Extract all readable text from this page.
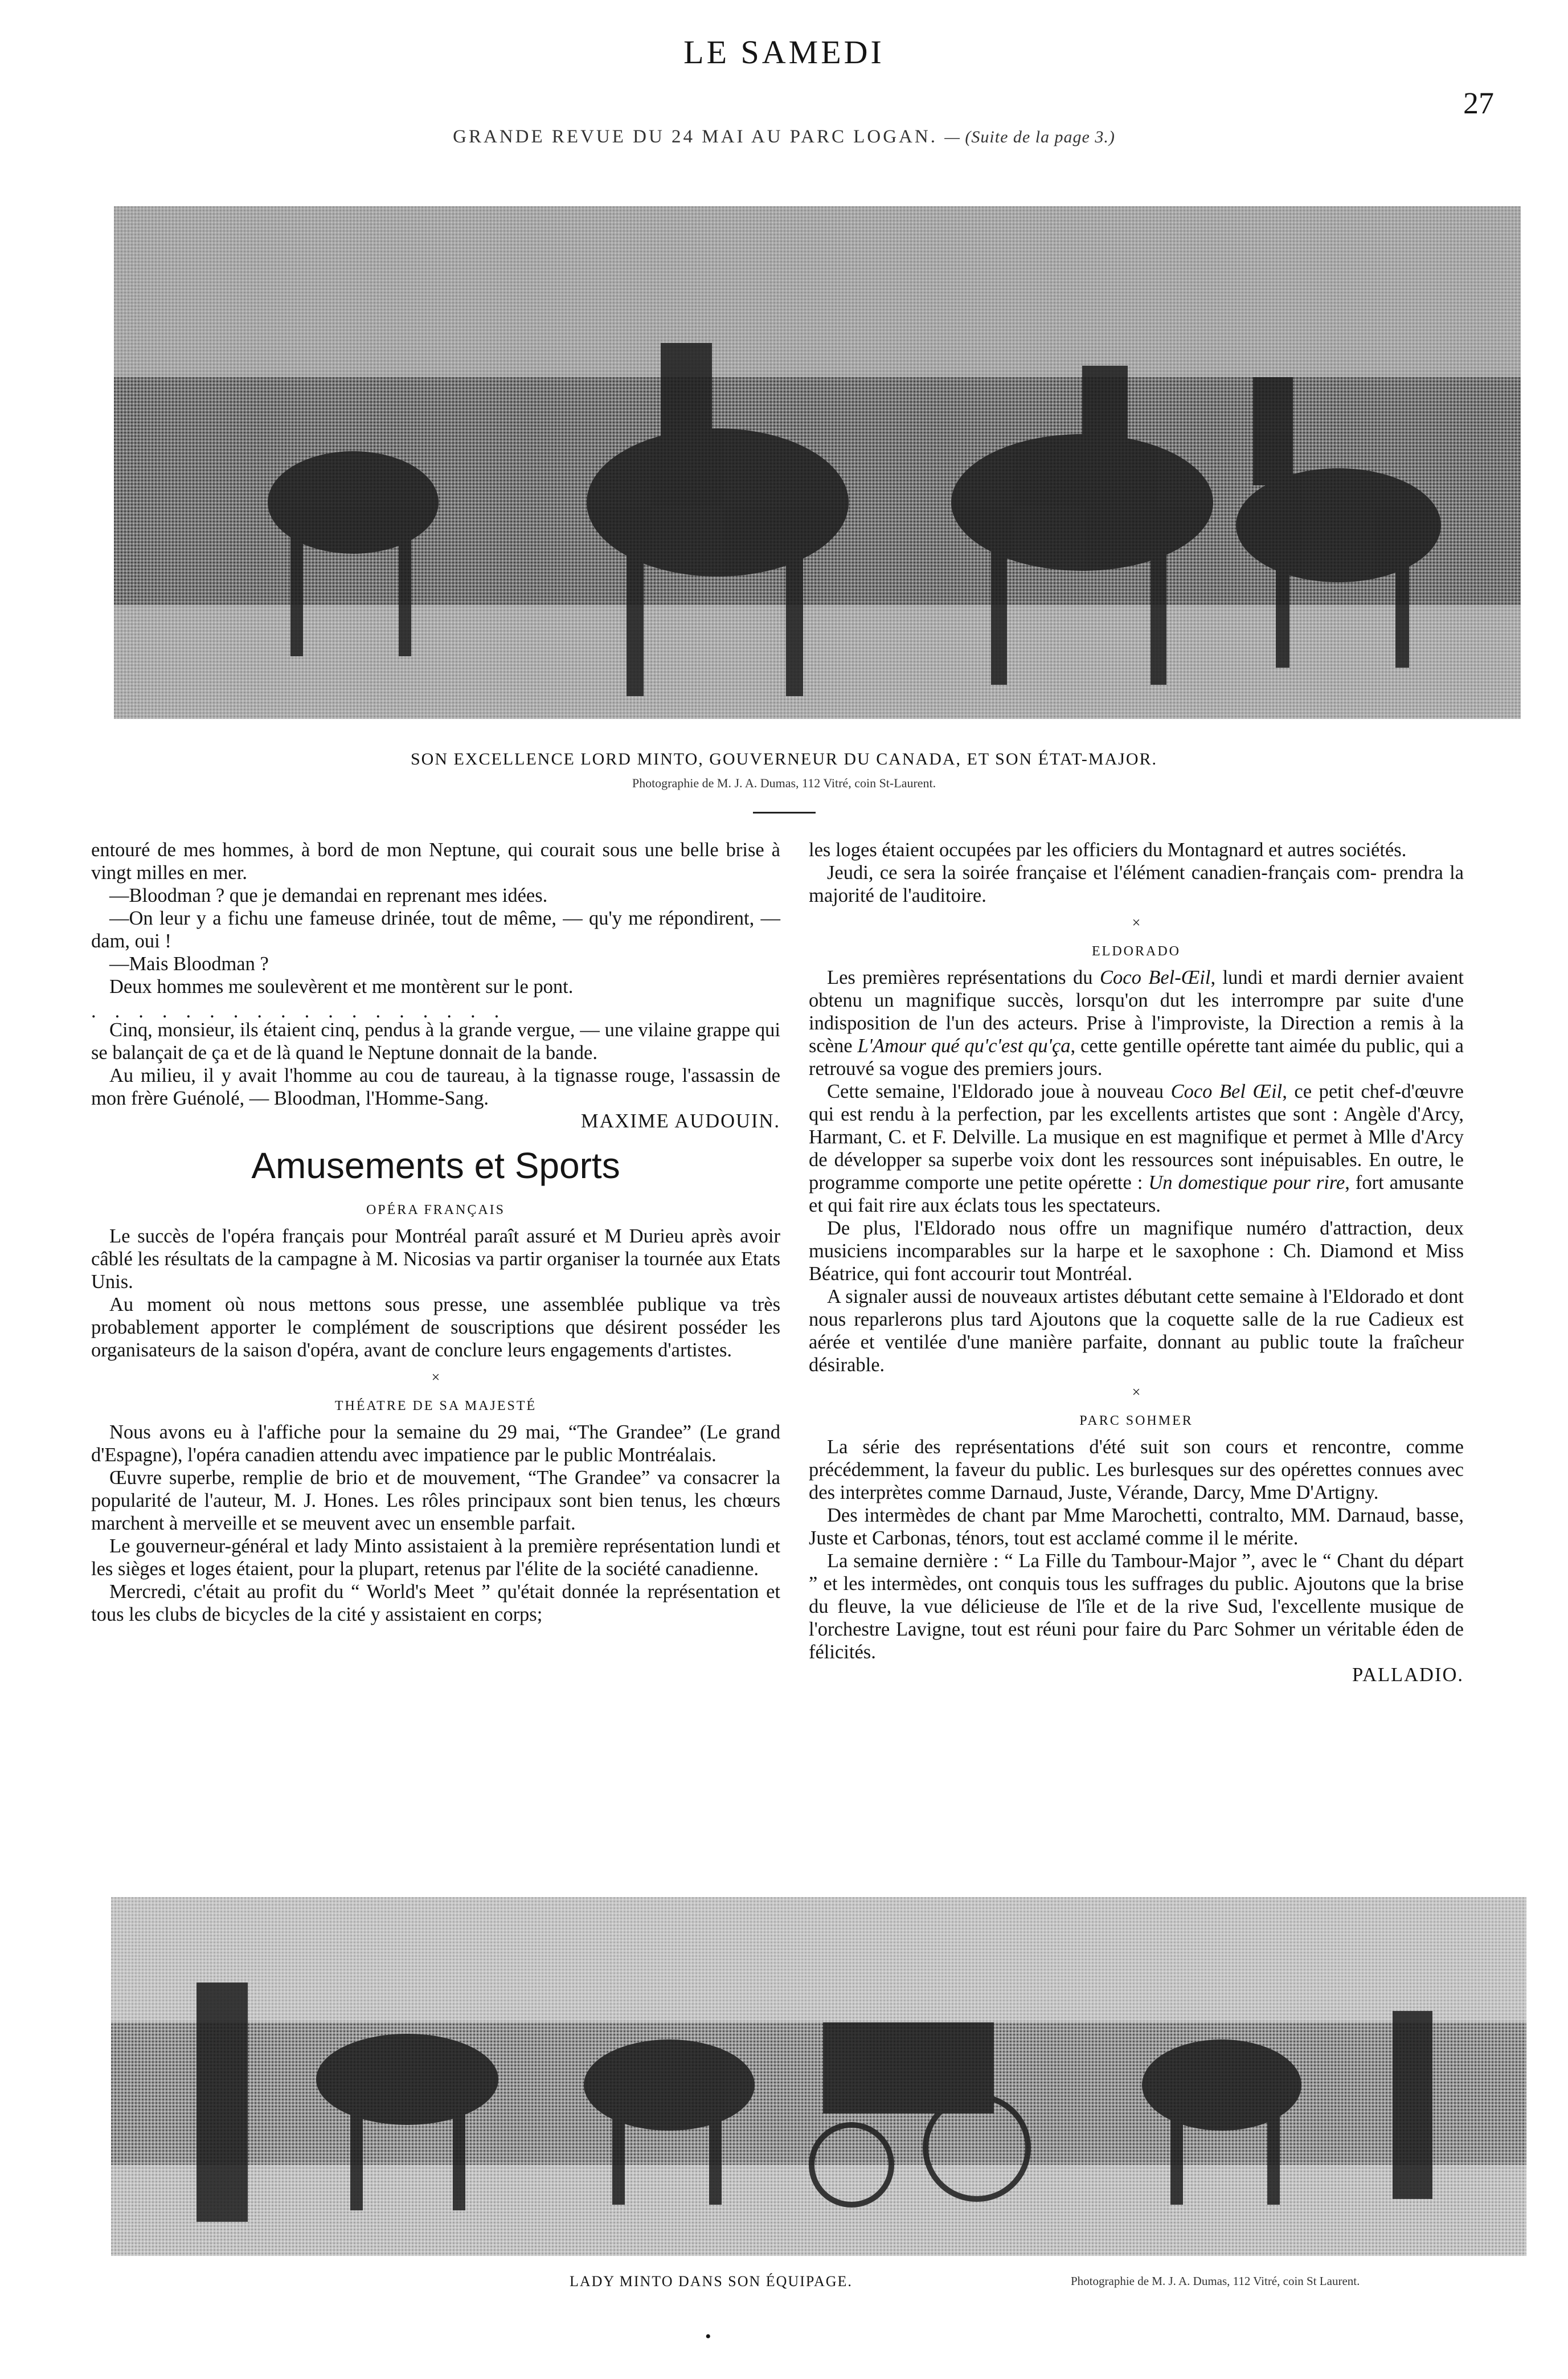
LE SAMEDI
27
GRANDE REVUE DU 24 MAI AU PARC LOGAN. — (Suite de la page 3.)
SON EXCELLENCE LORD MINTO, GOUVERNEUR DU CANADA, ET SON ÉTAT-MAJOR.
Photographie de M. J. A. Dumas, 112 Vitré, coin St-Laurent.

entouré de mes hommes, à bord de mon Neptune, qui courait sous une belle brise à vingt milles en mer.

—Bloodman ? que je demandai en reprenant mes idées.

—On leur y a fichu une fameuse drinée, tout de même, — qu'y me répondirent, — dam, oui !

—Mais Bloodman ?

Deux hommes me soulevèrent et me montèrent sur le pont.

..................

Cinq, monsieur, ils étaient cinq, pendus à la grande vergue, — une vilaine grappe qui se balançait de ça et de là quand le Neptune donnait de la bande.

Au milieu, il y avait l'homme au cou de taureau, à la tignasse rouge, l'assassin de mon frère Guénolé, — Bloodman, l'Homme-Sang.

MAXIME AUDOUIN.

Amusements et Sports

OPÉRA FRANÇAIS

Le succès de l'opéra français pour Montréal paraît assuré et M Durieu après avoir câblé les résultats de la campagne à M. Nicosias va partir organiser la tournée aux Etats Unis.

Au moment où nous mettons sous presse, une assemblée publique va très probablement apporter le complément de souscriptions que désirent posséder les organisateurs de la saison d'opéra, avant de conclure leurs engagements d'artistes.

×

THÉATRE DE SA MAJESTÉ

Nous avons eu à l'affiche pour la semaine du 29 mai, “The Grandee” (Le grand d'Espagne), l'opéra canadien attendu avec impatience par le public Montréalais.

Œuvre superbe, remplie de brio et de mouvement, “The Grandee” va consacrer la popularité de l'auteur, M. J. Hones. Les rôles principaux sont bien tenus, les chœurs marchent à merveille et se meuvent avec un ensemble parfait.

Le gouverneur-général et lady Minto assistaient à la première représentation lundi et les sièges et loges étaient, pour la plupart, retenus par l'élite de la société canadienne.

Mercredi, c'était au profit du “ World's Meet ” qu'était donnée la représentation et tous les clubs de bicycles de la cité y assistaient en corps;

les loges étaient occupées par les officiers du Montagnard et autres sociétés.

Jeudi, ce sera la soirée française et l'élément canadien-français com- prendra la majorité de l'auditoire.

×

ELDORADO

Les premières représentations du Coco Bel-Œil, lundi et mardi dernier avaient obtenu un magnifique succès, lorsqu'on dut les interrompre par suite d'une indisposition de l'un des acteurs. Prise à l'improviste, la Direction a remis à la scène L'Amour qué qu'c'est qu'ça, cette gentille opérette tant aimée du public, qui a retrouvé sa vogue des premiers jours.

Cette semaine, l'Eldorado joue à nouveau Coco Bel Œil, ce petit chef-d'œuvre qui est rendu à la perfection, par les excellents artistes que sont : Angèle d'Arcy, Harmant, C. et F. Delville. La musique en est magnifique et permet à Mlle d'Arcy de développer sa superbe voix dont les ressources sont inépuisables. En outre, le programme comporte une petite opérette : Un domestique pour rire, fort amusante et qui fait rire aux éclats tous les spectateurs.

De plus, l'Eldorado nous offre un magnifique numéro d'attraction, deux musiciens incomparables sur la harpe et le saxophone : Ch. Diamond et Miss Béatrice, qui font accourir tout Montréal.

A signaler aussi de nouveaux artistes débutant cette semaine à l'Eldorado et dont nous reparlerons plus tard Ajoutons que la coquette salle de la rue Cadieux est aérée et ventilée d'une manière parfaite, donnant au public toute la fraîcheur désirable.

×

PARC SOHMER

La série des représentations d'été suit son cours et rencontre, comme précédemment, la faveur du public. Les burlesques sur des opérettes connues avec des interprètes comme Darnaud, Juste, Vérande, Darcy, Mme D'Artigny.

Des intermèdes de chant par Mme Marochetti, contralto, MM. Darnaud, basse, Juste et Carbonas, ténors, tout est acclamé comme il le mérite.

La semaine dernière : “ La Fille du Tambour-Major ”, avec le “ Chant du départ ” et les intermèdes, ont conquis tous les suffrages du public. Ajoutons que la brise du fleuve, la vue délicieuse de l'île et de la rive Sud, l'excellente musique de l'orchestre Lavigne, tout est réuni pour faire du Parc Sohmer un véritable éden de félicités.

PALLADIO.

LADY MINTO DANS SON ÉQUIPAGE.	Photographie de M. J. A. Dumas, 112 Vitré, coin St Laurent.
•
